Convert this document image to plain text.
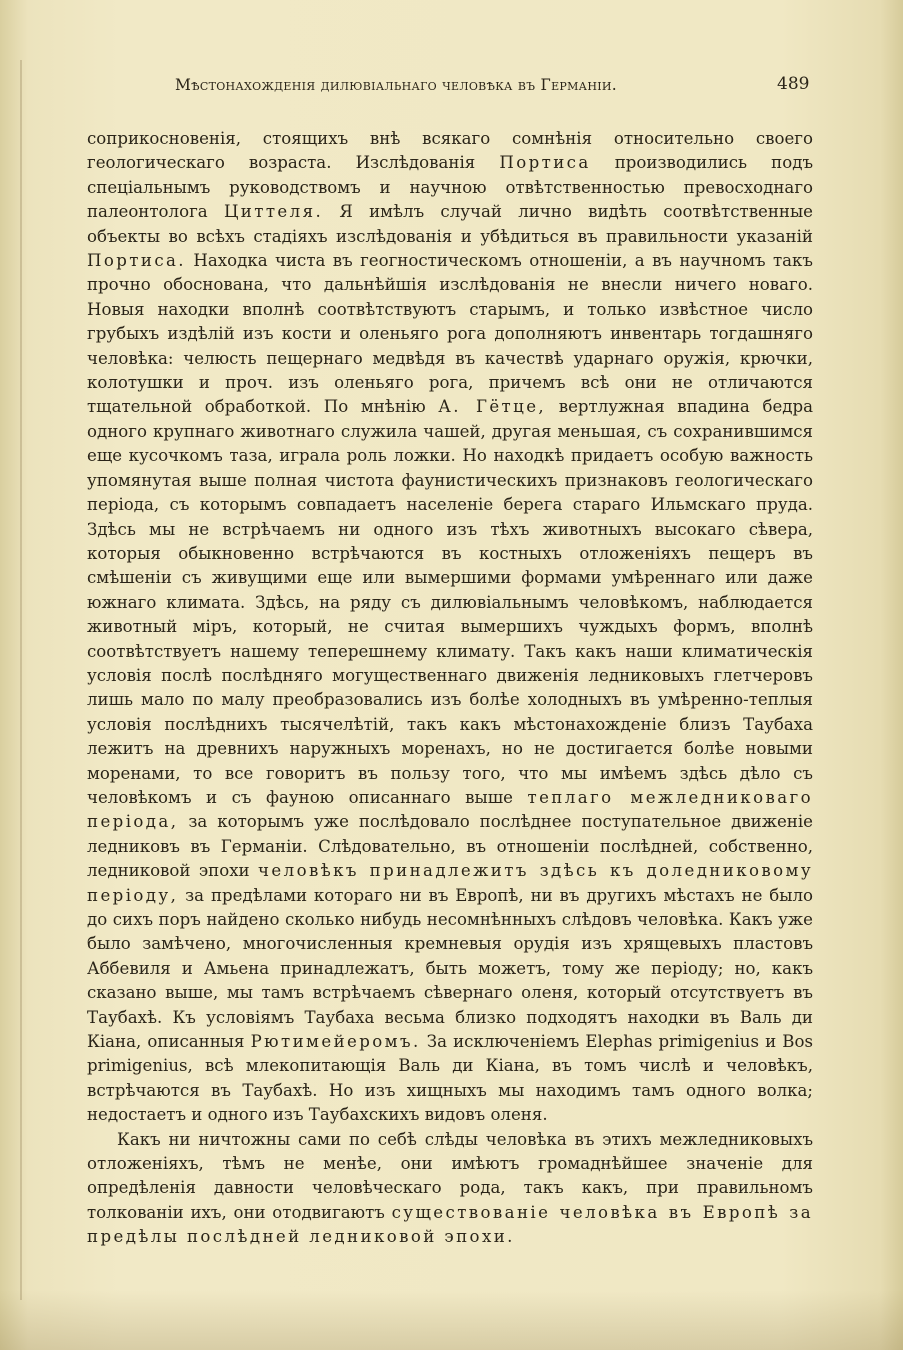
Мѣстонахожденія дилювіальнаго человѣка въ Германіи.	489

соприкосновенія, стоящихъ внѣ всякаго сомнѣнія относительно своего геологическаго возраста. Изслѣдованія Портиса производились подъ спеціальнымъ руководствомъ и научною отвѣтственностью превосходнаго палеонтолога Циттеля. Я имѣлъ случай лично видѣть соотвѣтственные объекты во всѣхъ стадіяхъ изслѣдованія и убѣдиться въ правильности указаній Портиса. Находка чиста въ геогностическомъ отношеніи, а въ научномъ такъ прочно обоснована, что дальнѣйшія изслѣдованія не внесли ничего новаго. Новыя находки вполнѣ соотвѣтствуютъ старымъ, и только извѣстное число грубыхъ издѣлій изъ кости и оленьяго рога дополняютъ инвентарь тогдашняго человѣка: челюсть пещернаго медвѣдя въ качествѣ ударнаго оружія, крючки, колотушки и проч. изъ оленьяго рога, причемъ всѣ они не отличаются тщательной обработкой. По мнѣнію А. Гётце, вертлужная впадина бедра одного крупнаго животнаго служила чашей, другая меньшая, съ сохранившимся еще кусочкомъ таза, играла роль ложки. Но находкѣ придаетъ особую важность упомянутая выше полная чистота фаунистическихъ признаковъ геологическаго періода, съ которымъ совпадаетъ населеніе берега стараго Ильмскаго пруда. Здѣсь мы не встрѣчаемъ ни одного изъ тѣхъ животныхъ высокаго сѣвера, которыя обыкновенно встрѣчаются въ костныхъ отложеніяхъ пещеръ въ смѣшеніи съ живущими еще или вымершими формами умѣреннаго или даже южнаго климата. Здѣсь, на ряду съ дилювіальнымъ человѣкомъ, наблюдается животный міръ, который, не считая вымершихъ чуждыхъ формъ, вполнѣ соотвѣтствуетъ нашему теперешнему климату. Такъ какъ наши климатическія условія послѣ послѣдняго могущественнаго движенія ледниковыхъ глетчеровъ лишь мало по малу преобразовались изъ болѣе холодныхъ въ умѣренно-теплыя условія послѣднихъ тысячелѣтій, такъ какъ мѣстонахожденіе близъ Таубаха лежитъ на древнихъ наружныхъ моренахъ, но не достигается болѣе новыми моренами, то все говоритъ въ пользу того, что мы имѣемъ здѣсь дѣло съ человѣкомъ и съ фауною описаннаго выше теплаго межледниковаго періода, за которымъ уже послѣдовало послѣднее поступательное движеніе ледниковъ въ Германіи. Слѣдовательно, въ отношеніи послѣдней, собственно, ледниковой эпохи человѣкъ принадлежитъ здѣсь къ доледниковому періоду, за предѣлами котораго ни въ Европѣ, ни въ другихъ мѣстахъ не было до сихъ поръ найдено сколько нибудь несомнѣнныхъ слѣдовъ человѣка. Какъ уже было замѣчено, многочисленныя кремневыя орудія изъ хрящевыхъ пластовъ Аббевиля и Амьена принадлежатъ, быть можетъ, тому же періоду; но, какъ сказано выше, мы тамъ встрѣчаемъ сѣвернаго оленя, который отсутствуетъ въ Таубахѣ. Къ условіямъ Таубаха весьма близко подходятъ находки въ Валь ди Кіана, описанныя Рютимейеромъ. За исключеніемъ Elephas primigenius и Bos primigenius, всѣ млекопитающія Валь ди Кіана, въ томъ числѣ и человѣкъ, встрѣчаются въ Таубахѣ. Но изъ хищныхъ мы находимъ тамъ одного волка; недостаетъ и одного изъ Таубахскихъ видовъ оленя.

Какъ ни ничтожны сами по себѣ слѣды человѣка въ этихъ межледниковыхъ отложеніяхъ, тѣмъ не менѣе, они имѣютъ громаднѣйшее значеніе для опредѣленія давности человѣческаго рода, такъ какъ, при правильномъ толкованіи ихъ, они отодвигаютъ существованіе человѣка въ Европѣ за предѣлы послѣдней ледниковой эпохи.
